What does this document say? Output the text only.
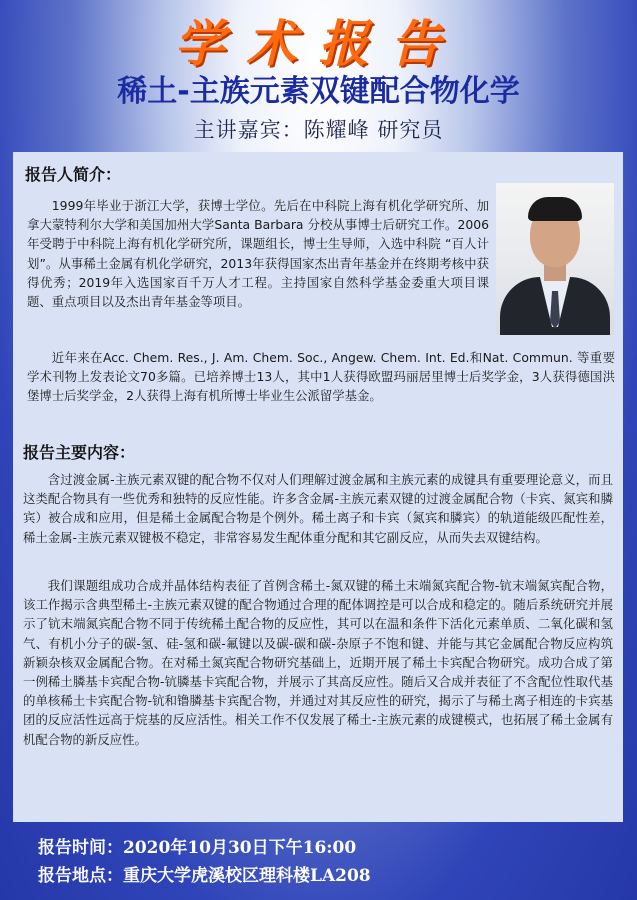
学术报告
稀土-主族元素双键配合物化学
主讲嘉宾：陈耀峰 研究员
报告人简介：

1999年毕业于浙江大学，获博士学位。先后在中科院上海有机化学研究所、加拿大蒙特利尔大学和美国加州大学Santa Barbara 分校从事博士后研究工作。2006年受聘于中科院上海有机化学研究所，课题组长，博士生导师，入选中科院 “百人计划”。从事稀土金属有机化学研究，2013年获得国家杰出青年基金并在终期考核中获得优秀；2019年入选国家百千万人才工程。主持国家自然科学基金委重大项目课题、重点项目以及杰出青年基金等项目。

近年来在Acc. Chem. Res., J. Am. Chem. Soc., Angew. Chem. Int. Ed.和Nat. Commun. 等重要学术刊物上发表论文70多篇。已培养博士13人，其中1人获得欧盟玛丽居里博士后奖学金，3人获得德国洪堡博士后奖学金，2人获得上海有机所博士毕业生公派留学基金。

报告主要内容：

含过渡金属-主族元素双键的配合物不仅对人们理解过渡金属和主族元素的成键具有重要理论意义，而且这类配合物具有一些优秀和独特的反应性能。许多含金属-主族元素双键的过渡金属配合物（卡宾、氮宾和膦宾）被合成和应用，但是稀土金属配合物是个例外。稀土离子和卡宾（氮宾和膦宾）的轨道能级匹配性差，稀土金属-主族元素双键极不稳定，非常容易发生配体重分配和其它副反应，从而失去双键结构。

我们课题组成功合成并晶体结构表征了首例含稀土-氮双键的稀土末端氮宾配合物-钪末端氮宾配合物，该工作揭示含典型稀土-主族元素双键的配合物通过合理的配体调控是可以合成和稳定的。随后系统研究并展示了钪末端氮宾配合物不同于传统稀土配合物的反应性，其可以在温和条件下活化元素单质、二氧化碳和氢气、有机小分子的碳-氢、硅-氢和碳-氟键以及碳-碳和碳-杂原子不饱和键、并能与其它金属配合物反应构筑新颖杂核双金属配合物。在对稀土氮宾配合物研究基础上，近期开展了稀土卡宾配合物研究。成功合成了第一例稀土膦基卡宾配合物-钪膦基卡宾配合物，并展示了其高反应性。随后又合成并表征了不含配位性取代基的单核稀土卡宾配合物-钪和镥膦基卡宾配合物，并通过对其反应性的研究，揭示了与稀土离子相连的卡宾基团的反应活性远高于烷基的反应活性。相关工作不仅发展了稀土-主族元素的成键模式，也拓展了稀土金属有机配合物的新反应性。

报告时间：2020年10月30日下午16:00
报告地点：重庆大学虎溪校区理科楼LA208
